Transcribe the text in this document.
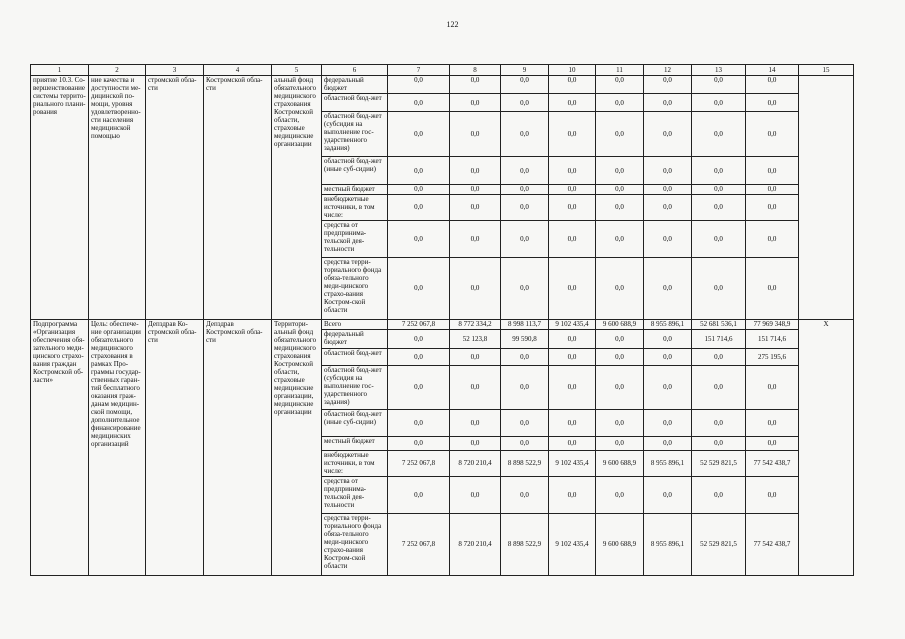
122
1	2	3	4	5	6	7	8	9	10	11	12	13	14	15
приятие 10.3. Со-вершенствование системы террито-риального плани-рования	ние качества и доступности ме-дицинской по-мощи, уровня удовлетворенно-сти населения медицинской помощью	стромской обла-сти	Костромской обла-сти	альный фонд обязательного медицинского страхования Костромской области, страховые медицинские организации	федеральный бюджет	0,0	0,0	0,0	0,0	0,0	0,0	0,0	0,0	
					областной бюд-жет	0,0	0,0	0,0	0,0	0,0	0,0	0,0	0,0	
					областной бюд-жет (субсидия на выполнение гос-ударственного задания)	0,0	0,0	0,0	0,0	0,0	0,0	0,0	0,0	
					областной бюд-жет (иные суб-сидии)	0,0	0,0	0,0	0,0	0,0	0,0	0,0	0,0	
					местный бюджет	0,0	0,0	0,0	0,0	0,0	0,0	0,0	0,0	
					внебюджетные источники, в том числе:	0,0	0,0	0,0	0,0	0,0	0,0	0,0	0,0	
					средства от предпринима-тельской дея-тельности	0,0	0,0	0,0	0,0	0,0	0,0	0,0	0,0	
					средства терри-ториального фонда обяза-тельного меди-цинского страхо-вания Костром-ской области	0,0	0,0	0,0	0,0	0,0	0,0	0,0	0,0	
Подпрограмма «Организация обеспечения обя-зательного меди-цинского страхо-вания граждан Костромской об-ласти»	Цель: обеспече-ние организации обязательного медицинского страхования в рамках Про-граммы государ-ственных гаран-тий бесплатного оказания граж-данам медицин-ской помощи, дополнительное финансирование медицинских организаций	Депздрав Ко-стромской обла-сти	Депздрав Костромской обла-сти	Территори-альный фонд обязательного медицинского страхования Костромской области, страховые медицинские организации, медицинские организации	Всего	7 252 067,8	8 772 334,2	8 998 113,7	9 102 435,4	9 600 688,9	8 955 896,1	52 681 536,1	77 969 348,9	Х
					федеральный бюджет	0,0	52 123,8	99 590,8	0,0	0,0	0,0	151 714,6	151 714,6	
					областной бюд-жет	0,0	0,0	0,0	0,0	0,0	0,0	0,0	275 195,6	
					областной бюд-жет (субсидия на выполнение гос-ударственного задания)	0,0	0,0	0,0	0,0	0,0	0,0	0,0	0,0	
					областной бюд-жет (иные суб-сидии)	0,0	0,0	0,0	0,0	0,0	0,0	0,0	0,0	
					местный бюджет	0,0	0,0	0,0	0,0	0,0	0,0	0,0	0,0	
					внебюджетные источники, в том числе:	7 252 067,8	8 720 210,4	8 898 522,9	9 102 435,4	9 600 688,9	8 955 896,1	52 529 821,5	77 542 438,7	
					средства от предпринима-тельской дея-тельности	0,0	0,0	0,0	0,0	0,0	0,0	0,0	0,0	
					средства терри-ториального фонда обяза-тельного меди-цинского страхо-вания Костром-ской области	7 252 067,8	8 720 210,4	8 898 522,9	9 102 435,4	9 600 688,9	8 955 896,1	52 529 821,5	77 542 438,7	
